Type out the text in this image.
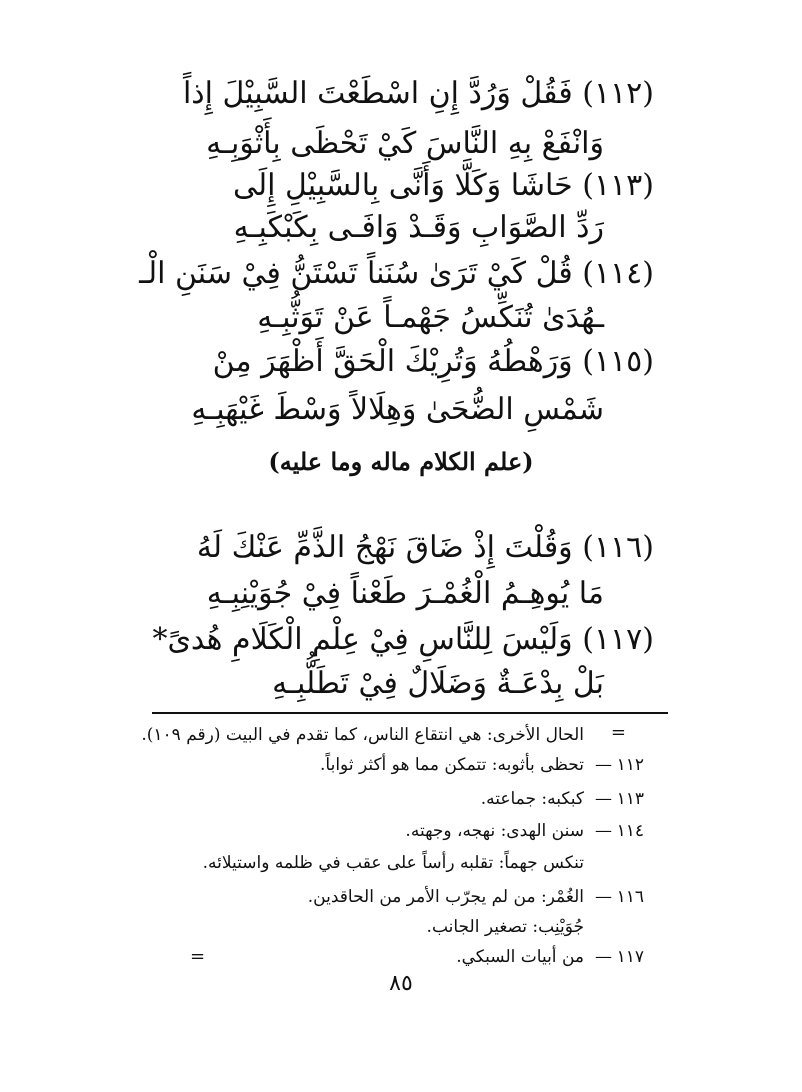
(١١٢) فَقُلْ وَرُدَّ إِنِ اسْطَعْتَ السَّبِيْلَ إِذاً
وَانْفَعْ بِهِ النَّاسَ كَيْ تَحْظَى بِأَثْوَبِـهِ
(١١٣) حَاشَا وَكَلَّا وَأَنَّى بِالسَّبِيْلِ إِلَى
رَدِّ الصَّوَابِ وَقَـدْ وَافَـى بِكَبْكَبِـهِ
(١١٤) قُلْ كَيْ تَرَىٰ سُنَناً تَسْتَنُّ فِيْ سَنَنِ الْـ
ـهُدَىٰ تُنَكِّسُ جَهْمـاً عَنْ تَوَثُّبِـهِ
(١١٥) وَرَهْطُهُ وَتُرِيْكَ الْحَقَّ أَظْهَرَ مِنْ
شَمْسِ الضُّحَىٰ وَهِلَالاً وَسْطَ غَيْهَبِـهِ
(علم الكلام ماله وما عليه)
(١١٦) وَقُلْتَ إِذْ ضَاقَ نَهْجُ الذَّمِّ عَنْكَ لَهُ
مَا يُوهِـمُ الْغُمْـرَ طَعْناً فِيْ جُوَيْنِبِـهِ
(١١٧) وَلَيْسَ لِلنَّاسِ فِيْ عِلْمِ الْكَلَامِ هُدىً*
بَلْ بِدْعَـةٌ وَضَلَالٌ فِيْ تَطَلُّبِـهِ
=
الحال الأخرى: هي انتقاع الناس، كما تقدم في البيت (رقم ١٠٩).
١١٢
—
تحظى بأثوبه: تتمكن مما هو أكثر ثواباً.
١١٣
—
كبكبه: جماعته.
١١٤
—
سنن الهدى: نهجه، وجهته.
تنكس جهماً: تقلبه رأساً على عقب في ظلمه واستيلائه.
١١٦
—
الغُمْر: من لم يجرّب الأمر من الحاقدين.
جُوَيْنِب: تصغير الجانب.
١١٧
—
من أبيات السبكي.
=
٨٥
